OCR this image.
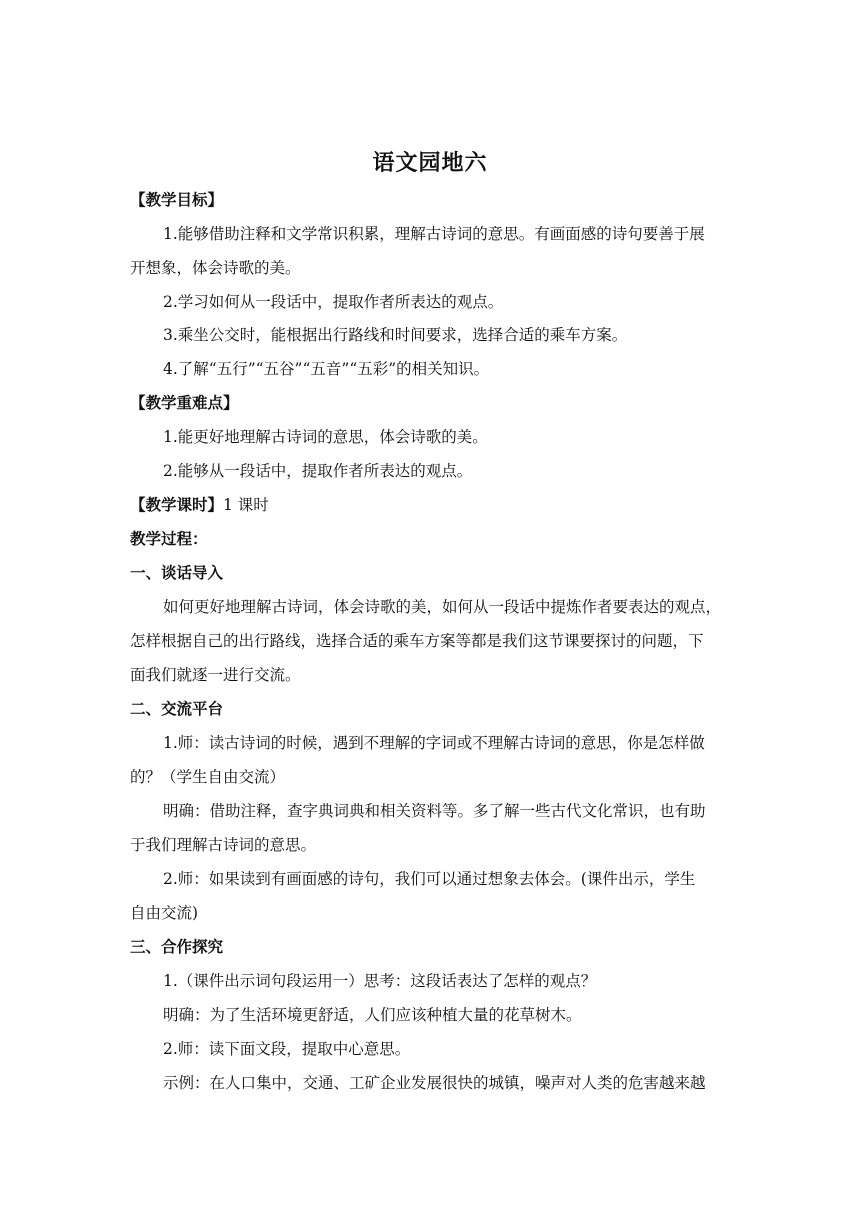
语文园地六
【教学目标】
1.能够借助注释和文学常识积累，理解古诗词的意思。有画面感的诗句要善于展
开想象，体会诗歌的美。
2.学习如何从一段话中，提取作者所表达的观点。
3.乘坐公交时，能根据出行路线和时间要求，选择合适的乘车方案。
4.了解“五行”“五谷”“五音”“五彩”的相关知识。
【教学重难点】
1.能更好地理解古诗词的意思，体会诗歌的美。
2.能够从一段话中，提取作者所表达的观点。
【教学课时】1 课时
教学过程：
一、谈话导入
如何更好地理解古诗词，体会诗歌的美，如何从一段话中提炼作者要表达的观点，
怎样根据自己的出行路线，选择合适的乘车方案等都是我们这节课要探讨的问题，下
面我们就逐一进行交流。
二、交流平台
1.师：读古诗词的时候，遇到不理解的字词或不理解古诗词的意思，你是怎样做
的？（学生自由交流）
明确：借助注释，查字典词典和相关资料等。多了解一些古代文化常识，也有助
于我们理解古诗词的意思。
2.师：如果读到有画面感的诗句，我们可以通过想象去体会。(课件出示，学生
自由交流)
三、合作探究
1.（课件出示词句段运用一）思考：这段话表达了怎样的观点？
明确：为了生活环境更舒适，人们应该种植大量的花草树木。
2.师：读下面文段，提取中心意思。
示例：在人口集中，交通、工矿企业发展很快的城镇，噪声对人类的危害越来越
